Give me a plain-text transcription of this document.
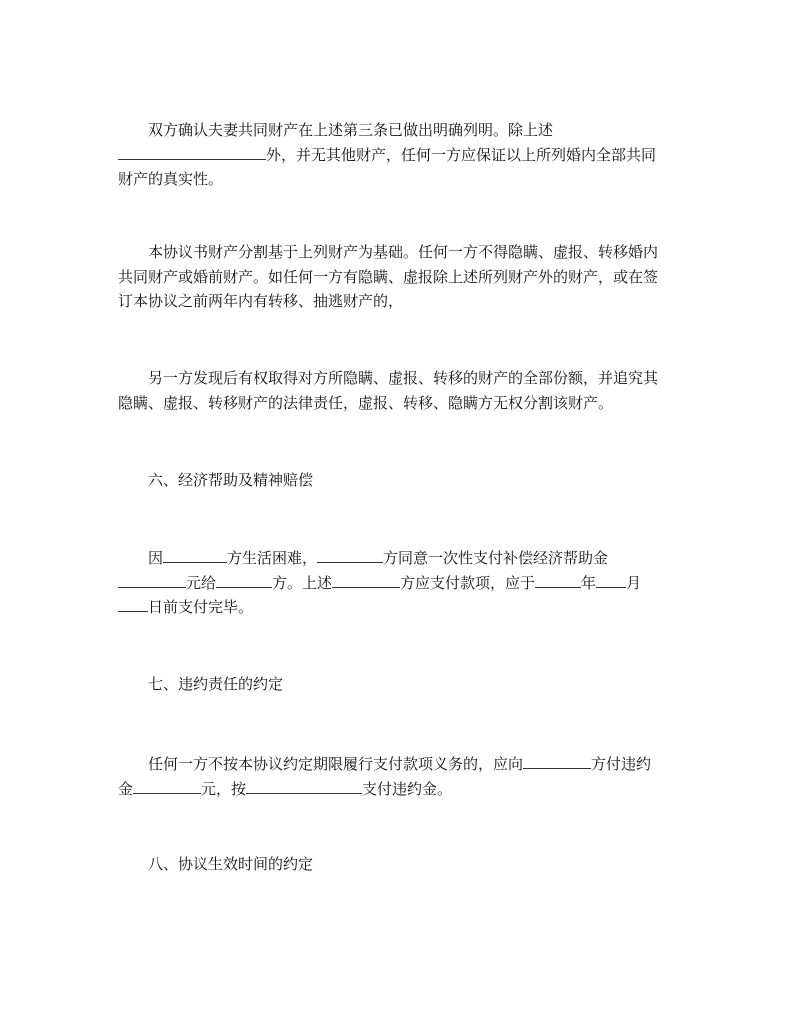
双方确认夫妻共同财产在上述第三条已做出明确列明。除上述
外，并无其他财产，任何一方应保证以上所列婚内全部共同
财产的真实性。
本协议书财产分割基于上列财产为基础。任何一方不得隐瞒、虚报、转移婚内
共同财产或婚前财产。如任何一方有隐瞒、虚报除上述所列财产外的财产，或在签
订本协议之前两年内有转移、抽逃财产的，
另一方发现后有权取得对方所隐瞒、虚报、转移的财产的全部份额，并追究其
隐瞒、虚报、转移财产的法律责任，虚报、转移、隐瞒方无权分割该财产。
六、经济帮助及精神赔偿
因	方生活困难，	方同意一次性支付补偿经济帮助金
元给	方。上述	方应支付款项，应于	年 月
日前支付完毕。
七、违约责任的约定
任何一方不按本协议约定期限履行支付款项义务的，应向	方付违约
金	元，按	支付违约金。
八、协议生效时间的约定
